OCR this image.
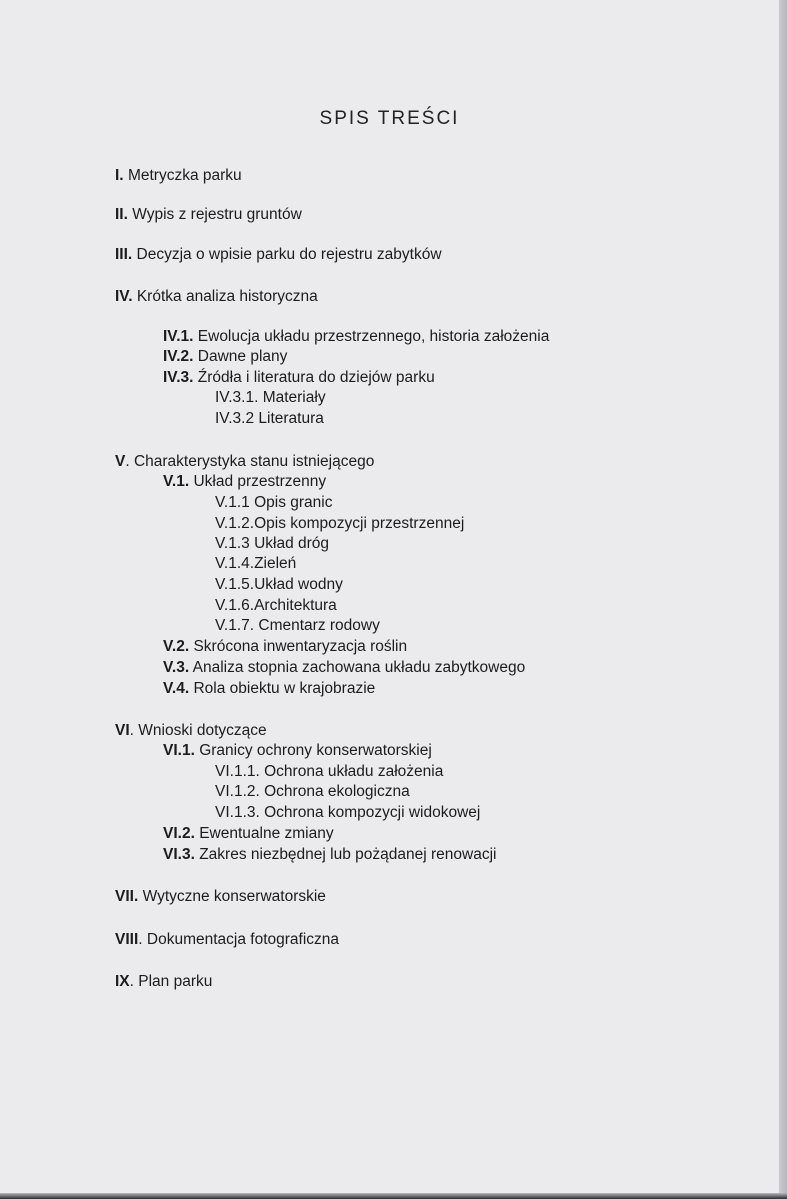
SPIS TREŚCI
I. Metryczka parku
II. Wypis z rejestru gruntów
III. Decyzja o wpisie parku do rejestru zabytków
IV. Krótka analiza historyczna
IV.1. Ewolucja układu przestrzennego, historia założenia
IV.2. Dawne plany
IV.3. Źródła i literatura do dziejów parku
IV.3.1. Materiały
IV.3.2 Literatura
V. Charakterystyka stanu istniejącego
V.1. Układ przestrzenny
V.1.1 Opis granic
V.1.2.Opis kompozycji przestrzennej
V.1.3 Układ dróg
V.1.4.Zieleń
V.1.5.Układ wodny
V.1.6.Architektura
V.1.7. Cmentarz rodowy
V.2. Skrócona inwentaryzacja roślin
V.3. Analiza stopnia zachowana układu zabytkowego
V.4. Rola obiektu w krajobrazie
VI. Wnioski dotyczące
VI.1. Granicy ochrony konserwatorskiej
VI.1.1. Ochrona układu założenia
VI.1.2. Ochrona ekologiczna
VI.1.3. Ochrona kompozycji widokowej
VI.2. Ewentualne zmiany
VI.3. Zakres niezbędnej lub pożądanej renowacji
VII. Wytyczne konserwatorskie
VIII. Dokumentacja fotograficzna
IX. Plan parku
